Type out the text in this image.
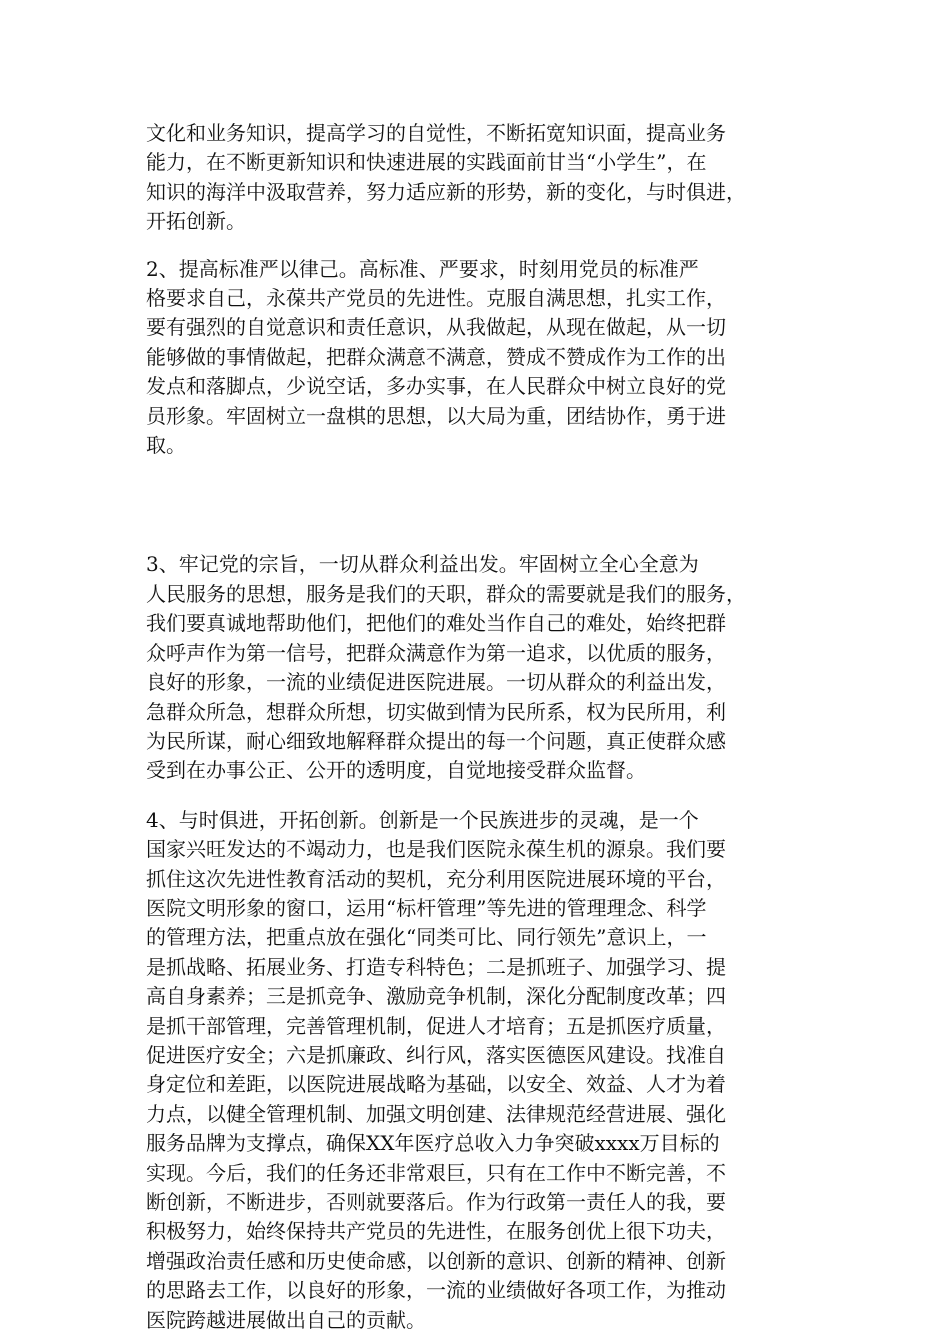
文化和业务知识，提高学习的自觉性，不断拓宽知识面，提高业务
能力，在不断更新知识和快速进展的实践面前甘当“小学生”，在
知识的海洋中汲取营养，努力适应新的形势，新的变化，与时俱进，
开拓创新。

2、提高标准严以律己。高标准、严要求，时刻用党员的标准严
格要求自己，永葆共产党员的先进性。克服自满思想，扎实工作，
要有强烈的自觉意识和责任意识，从我做起，从现在做起，从一切
能够做的事情做起，把群众满意不满意，赞成不赞成作为工作的出
发点和落脚点，少说空话，多办实事，在人民群众中树立良好的党
员形象。牢固树立一盘棋的思想，以大局为重，团结协作，勇于进
取。

3、牢记党的宗旨，一切从群众利益出发。牢固树立全心全意为
人民服务的思想，服务是我们的天职，群众的需要就是我们的服务，
我们要真诚地帮助他们，把他们的难处当作自己的难处，始终把群
众呼声作为第一信号，把群众满意作为第一追求，以优质的服务，
良好的形象，一流的业绩促进医院进展。一切从群众的利益出发，
急群众所急，想群众所想，切实做到情为民所系，权为民所用，利
为民所谋，耐心细致地解释群众提出的每一个问题，真正使群众感
受到在办事公正、公开的透明度，自觉地接受群众监督。

4、与时俱进，开拓创新。创新是一个民族进步的灵魂，是一个
国家兴旺发达的不竭动力，也是我们医院永葆生机的源泉。我们要
抓住这次先进性教育活动的契机，充分利用医院进展环境的平台，
医院文明形象的窗口，运用“标杆管理”等先进的管理理念、科学
的管理方法，把重点放在强化“同类可比、同行领先”意识上，一
是抓战略、拓展业务、打造专科特色；二是抓班子、加强学习、提
高自身素养；三是抓竞争、激励竞争机制，深化分配制度改革；四
是抓干部管理，完善管理机制，促进人才培育；五是抓医疗质量，
促进医疗安全；六是抓廉政、纠行风，落实医德医风建设。找准自
身定位和差距，以医院进展战略为基础，以安全、效益、人才为着
力点，以健全管理机制、加强文明创建、法律规范经营进展、强化
服务品牌为支撑点，确保XX年医疗总收入力争突破xxxx万目标的
实现。今后，我们的任务还非常艰巨，只有在工作中不断完善，不
断创新，不断进步，否则就要落后。作为行政第一责任人的我，要
积极努力，始终保持共产党员的先进性，在服务创优上很下功夫，
增强政治责任感和历史使命感，以创新的意识、创新的精神、创新
的思路去工作，以良好的形象，一流的业绩做好各项工作，为推动
医院跨越进展做出自己的贡献。
